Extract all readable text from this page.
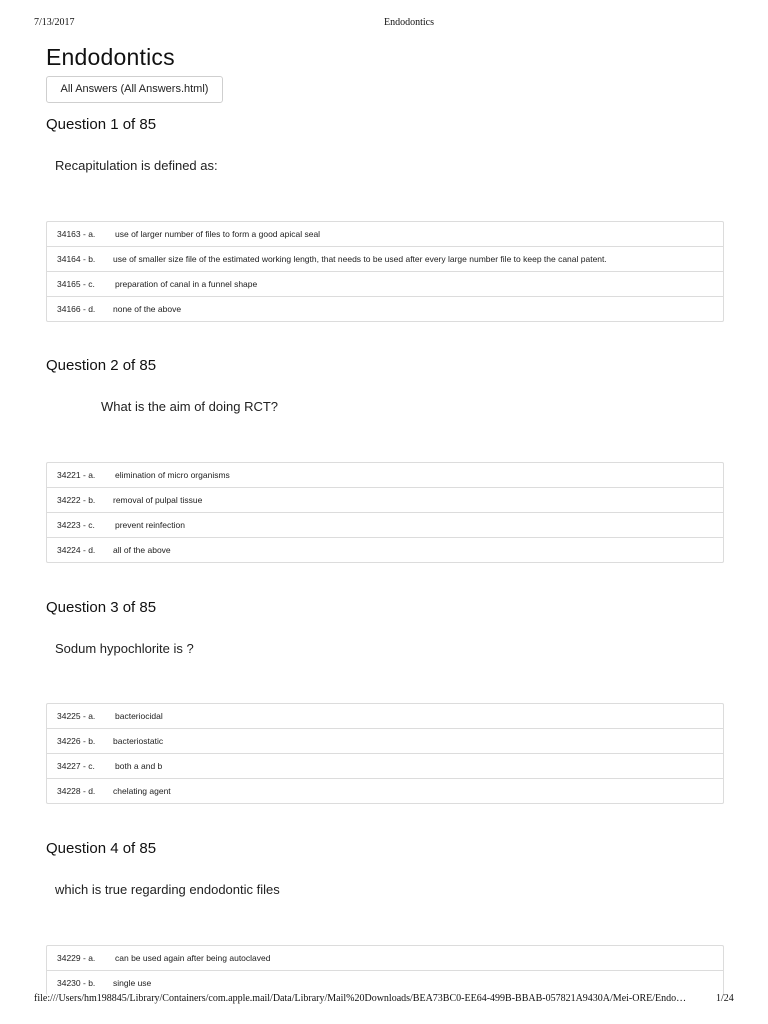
7/13/2017	Endodontics
Endodontics
All Answers (All Answers.html)
Question 1 of 85
Recapitulation is defined as:
34163 - a. use of larger number of files to form a good apical seal
34164 - b. use of smaller size file of the estimated working length, that needs to be used after every large number file to keep the canal patent.
34165 - c. preparation of canal in a funnel shape
34166 - d. none of the above
Question 2 of 85
What is the aim of doing RCT?
34221 - a. elimination of micro organisms
34222 - b. removal of pulpal tissue
34223 - c. prevent reinfection
34224 - d. all of the above
Question 3 of 85
Sodum hypochlorite is ?
34225 - a. bacteriocidal
34226 - b. bacteriostatic
34227 - c. both a and b
34228 - d. chelating agent
Question 4 of 85
which is true regarding endodontic files
34229 - a. can be used again after being autoclaved
34230 - b. single use
file:///Users/hm198845/Library/Containers/com.apple.mail/Data/Library/Mail%20Downloads/BEA73BC0-EE64-499B-BBAB-057821A9430A/Mei-ORE/Endo…	1/24
